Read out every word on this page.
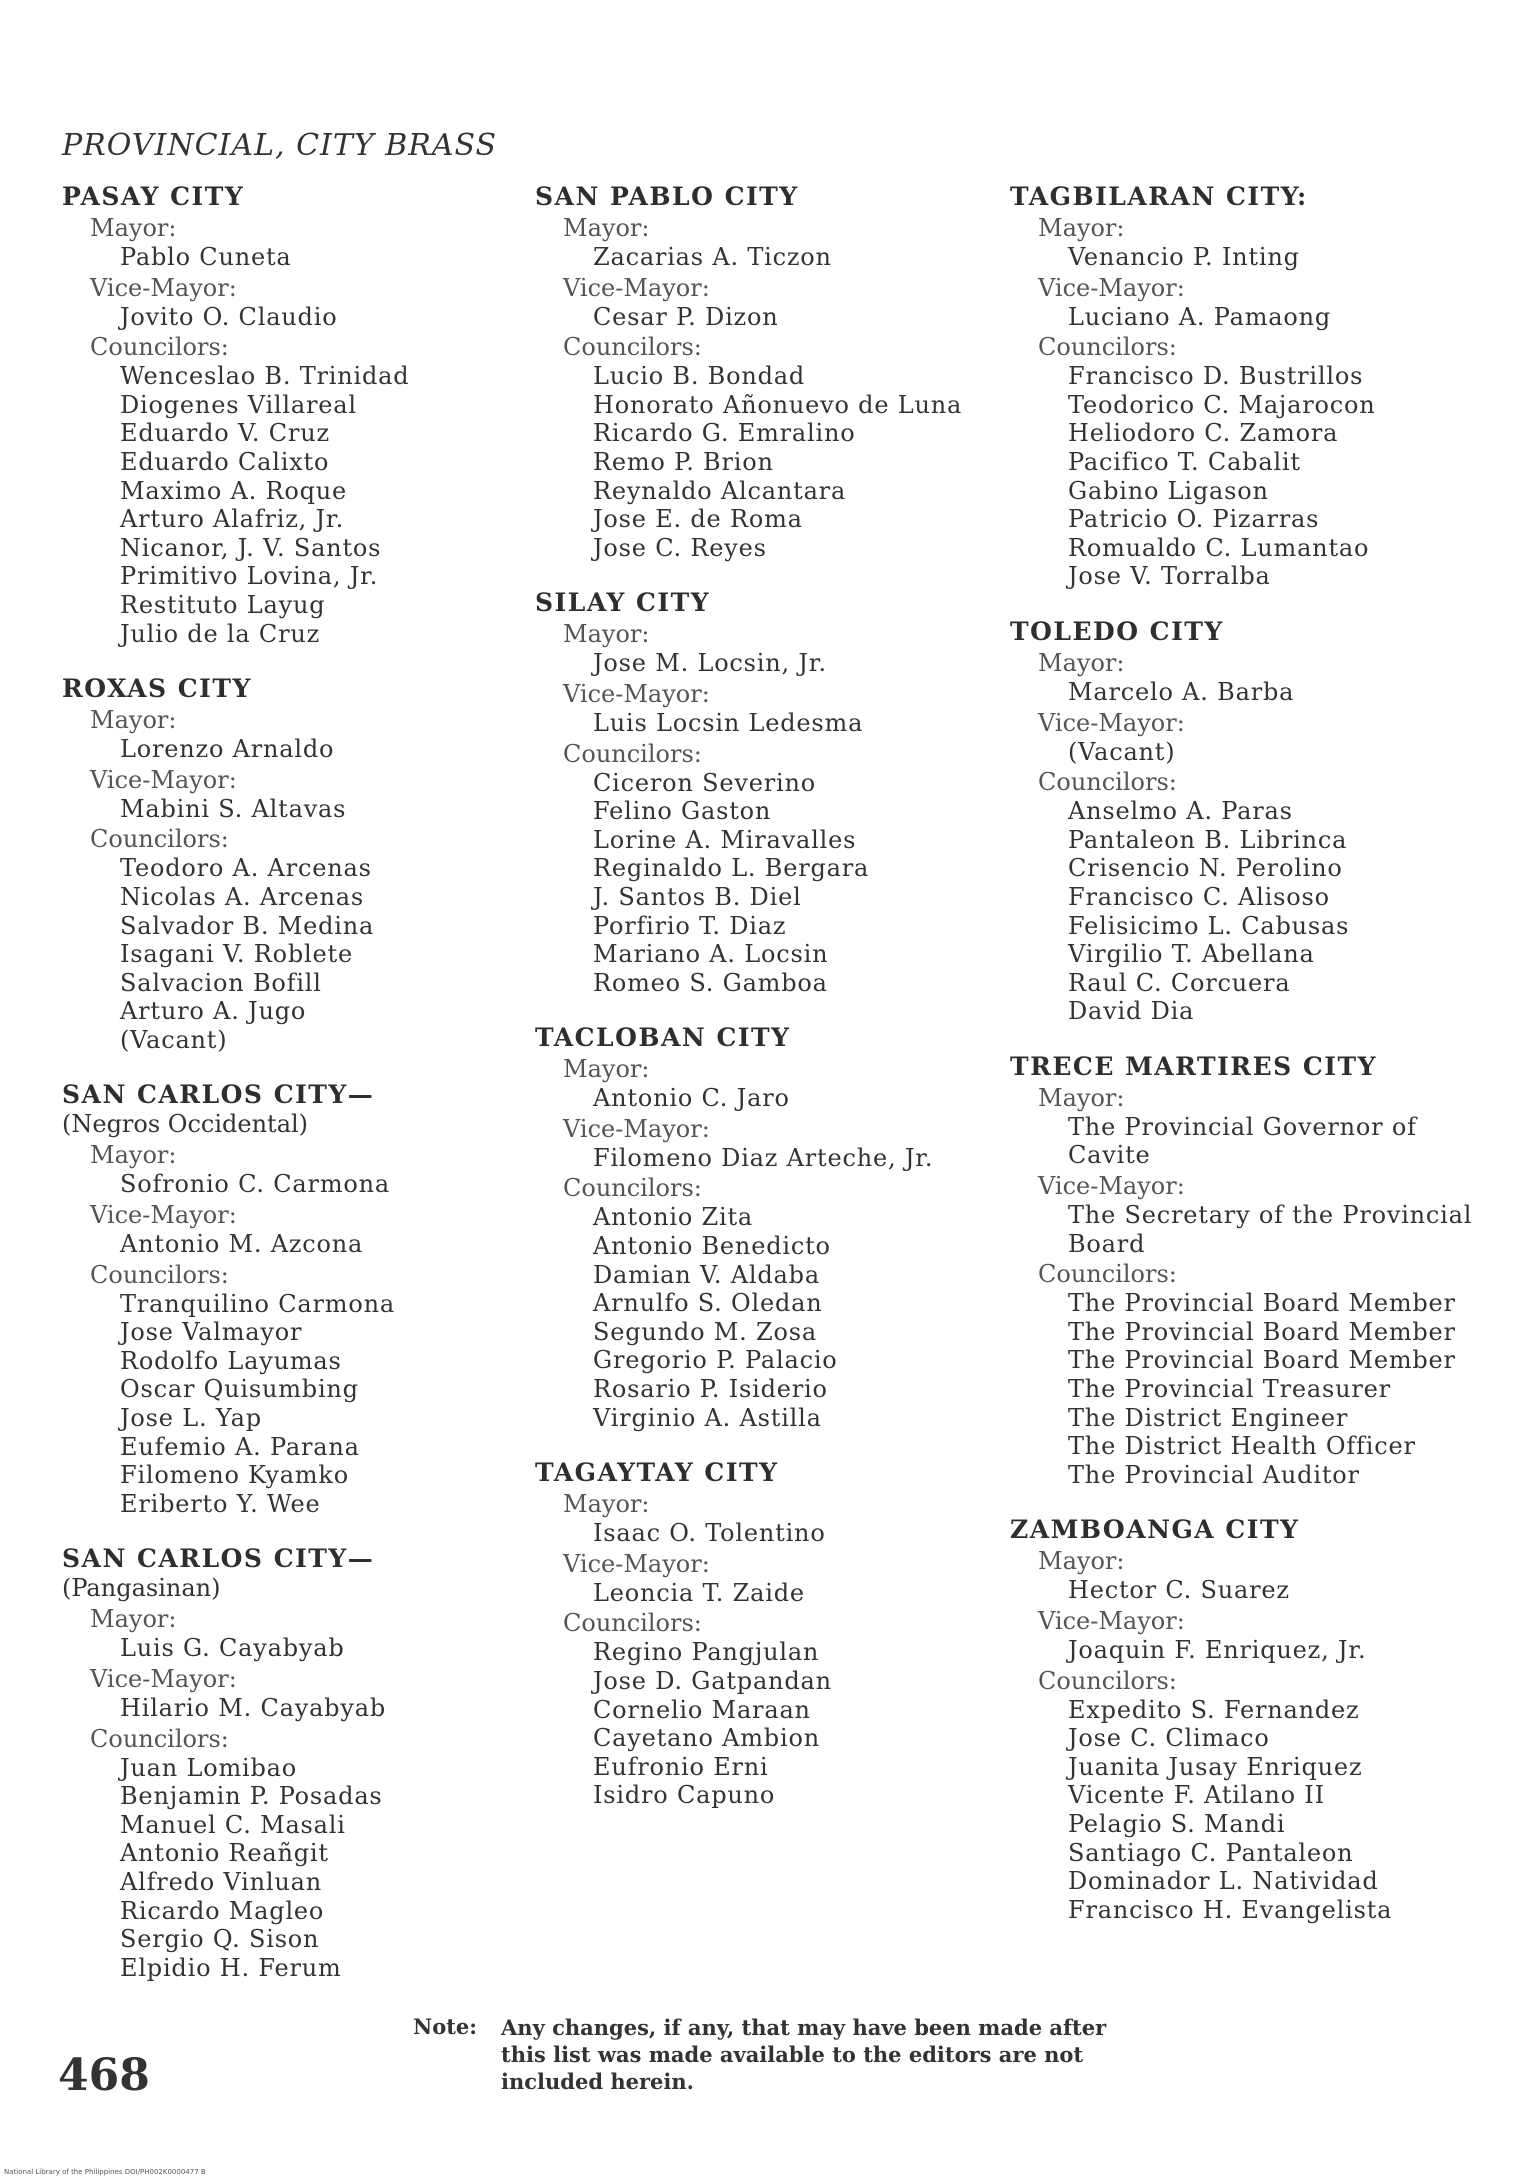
PROVINCIAL, CITY BRASS
PASAY CITY
Mayor:
Pablo Cuneta
Vice-Mayor:
Jovito O. Claudio
Councilors:
Wenceslao B. Trinidad
Diogenes Villareal
Eduardo V. Cruz
Eduardo Calixto
Maximo A. Roque
Arturo Alafriz, Jr.
Nicanor, J. V. Santos
Primitivo Lovina, Jr.
Restituto Layug
Julio de la Cruz
ROXAS CITY
Mayor:
Lorenzo Arnaldo
Vice-Mayor:
Mabini S. Altavas
Councilors:
Teodoro A. Arcenas
Nicolas A. Arcenas
Salvador B. Medina
Isagani V. Roblete
Salvacion Bofill
Arturo A. Jugo
(Vacant)
SAN CARLOS CITY—
(Negros Occidental)
Mayor:
Sofronio C. Carmona
Vice-Mayor:
Antonio M. Azcona
Councilors:
Tranquilino Carmona
Jose Valmayor
Rodolfo Layumas
Oscar Quisumbing
Jose L. Yap
Eufemio A. Parana
Filomeno Kyamko
Eriberto Y. Wee
SAN CARLOS CITY—
(Pangasinan)
Mayor:
Luis G. Cayabyab
Vice-Mayor:
Hilario M. Cayabyab
Councilors:
Juan Lomibao
Benjamin P. Posadas
Manuel C. Masali
Antonio Reañgit
Alfredo Vinluan
Ricardo Magleo
Sergio Q. Sison
Elpidio H. Ferum
SAN PABLO CITY
Mayor:
Zacarias A. Ticzon
Vice-Mayor:
Cesar P. Dizon
Councilors:
Lucio B. Bondad
Honorato Añonuevo de Luna
Ricardo G. Emralino
Remo P. Brion
Reynaldo Alcantara
Jose E. de Roma
Jose C. Reyes
SILAY CITY
Mayor:
Jose M. Locsin, Jr.
Vice-Mayor:
Luis Locsin Ledesma
Councilors:
Ciceron Severino
Felino Gaston
Lorine A. Miravalles
Reginaldo L. Bergara
J. Santos B. Diel
Porfirio T. Diaz
Mariano A. Locsin
Romeo S. Gamboa
TACLOBAN CITY
Mayor:
Antonio C. Jaro
Vice-Mayor:
Filomeno Diaz Arteche, Jr.
Councilors:
Antonio Zita
Antonio Benedicto
Damian V. Aldaba
Arnulfo S. Oledan
Segundo M. Zosa
Gregorio P. Palacio
Rosario P. Isiderio
Virginio A. Astilla
TAGAYTAY CITY
Mayor:
Isaac O. Tolentino
Vice-Mayor:
Leoncia T. Zaide
Councilors:
Regino Pangjulan
Jose D. Gatpandan
Cornelio Maraan
Cayetano Ambion
Eufronio Erni
Isidro Capuno
TAGBILARAN CITY:
Mayor:
Venancio P. Inting
Vice-Mayor:
Luciano A. Pamaong
Councilors:
Francisco D. Bustrillos
Teodorico C. Majarocon
Heliodoro C. Zamora
Pacifico T. Cabalit
Gabino Ligason
Patricio O. Pizarras
Romualdo C. Lumantao
Jose V. Torralba
TOLEDO CITY
Mayor:
Marcelo A. Barba
Vice-Mayor:
(Vacant)
Councilors:
Anselmo A. Paras
Pantaleon B. Librinca
Crisencio N. Perolino
Francisco C. Alisoso
Felisicimo L. Cabusas
Virgilio T. Abellana
Raul C. Corcuera
David Dia
TRECE MARTIRES CITY
Mayor:
The Provincial Governor of Cavite
Vice-Mayor:
The Secretary of the Provincial Board
Councilors:
The Provincial Board Member
The Provincial Board Member
The Provincial Board Member
The Provincial Treasurer
The District Engineer
The District Health Officer
The Provincial Auditor
ZAMBOANGA CITY
Mayor:
Hector C. Suarez
Vice-Mayor:
Joaquin F. Enriquez, Jr.
Councilors:
Expedito S. Fernandez
Jose C. Climaco
Juanita Jusay Enriquez
Vicente F. Atilano II
Pelagio S. Mandi
Santiago C. Pantaleon
Dominador L. Natividad
Francisco H. Evangelista
Note: Any changes, if any, that may have been made after this list was made available to the editors are not included herein.
468
National Library of the Philippines DOI/PH002K0000477 B
